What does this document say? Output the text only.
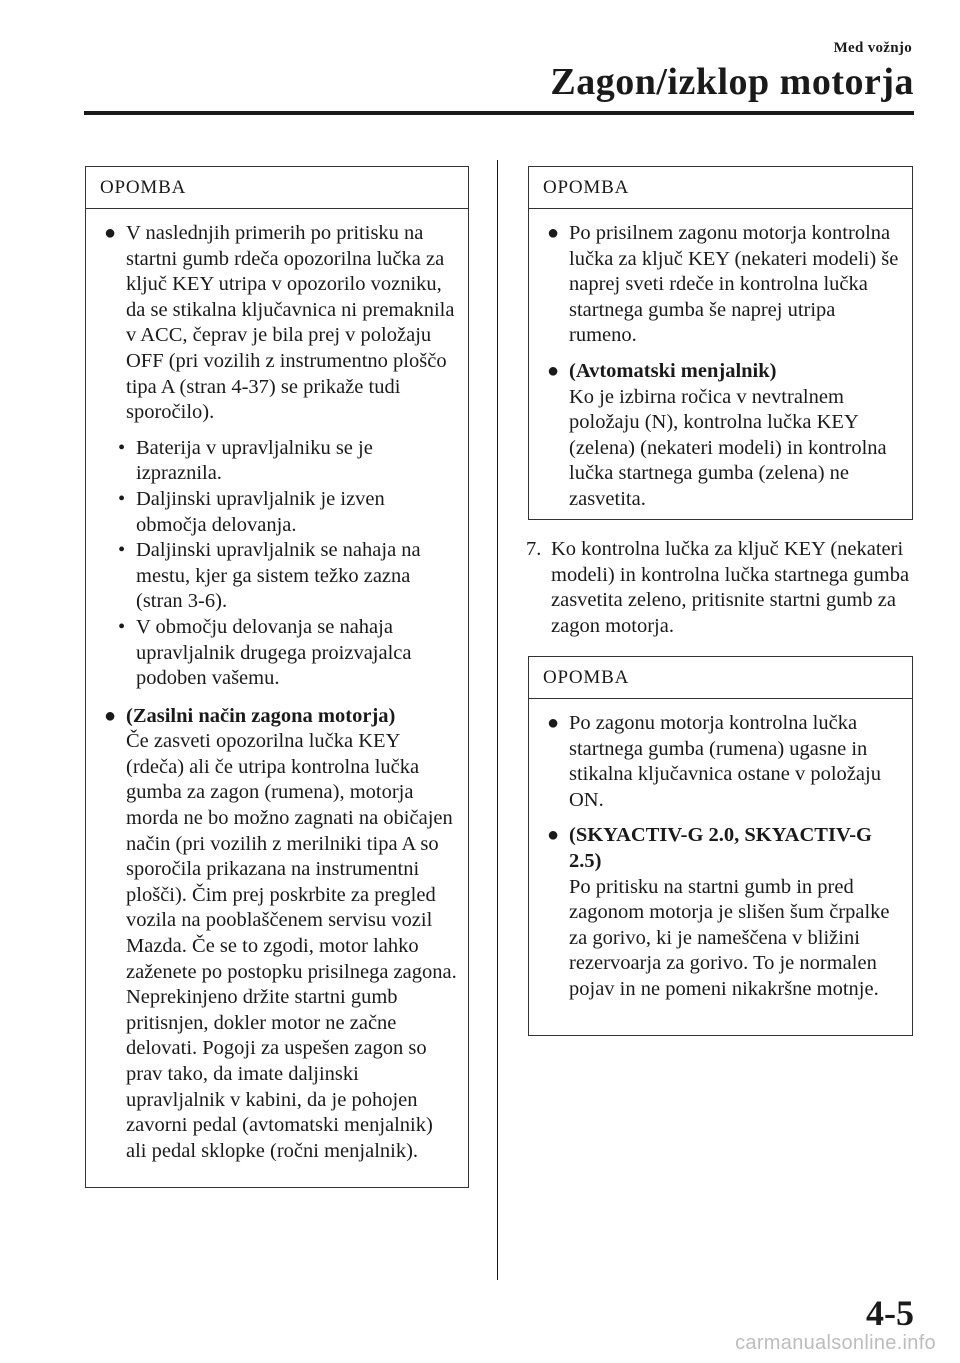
Med vožnjo
Zagon/izklop motorja
OPOMBA
● V naslednjih primerih po pritisku na startni gumb rdeča opozorilna lučka za ključ KEY utripa v opozorilo vozniku, da se stikalna ključavnica ni premaknila v ACC, čeprav je bila prej v položaju OFF (pri vozilih z instrumentno ploščo tipa A (stran 4-37) se prikaže tudi sporočilo).
• Baterija v upravljalniku se je izpraznila.
• Daljinski upravljalnik je izven območja delovanja.
• Daljinski upravljalnik se nahaja na mestu, kjer ga sistem težko zazna (stran 3-6).
• V območju delovanja se nahaja upravljalnik drugega proizvajalca podoben vašemu.
● (Zasilni način zagona motorja)
Če zasveti opozorilna lučka KEY (rdeča) ali če utripa kontrolna lučka gumba za zagon (rumena), motorja morda ne bo možno zagnati na običajen način (pri vozilih z merilniki tipa A so sporočila prikazana na instrumentni plošči). Čim prej poskrbite za pregled vozila na pooblaščenem servisu vozil Mazda. Če se to zgodi, motor lahko zaženete po postopku prisilnega zagona. Neprekinjeno držite startni gumb pritisnjen, dokler motor ne začne delovati. Pogoji za uspešen zagon so prav tako, da imate daljinski upravljalnik v kabini, da je pohojen zavorni pedal (avtomatski menjalnik) ali pedal sklopke (ročni menjalnik).
OPOMBA
● Po prisilnem zagonu motorja kontrolna lučka za ključ KEY (nekateri modeli) še naprej sveti rdeče in kontrolna lučka startnega gumba še naprej utripa rumeno.
● (Avtomatski menjalnik)
Ko je izbirna ročica v nevtralnem položaju (N), kontrolna lučka KEY (zelena) (nekateri modeli) in kontrolna lučka startnega gumba (zelena) ne zasvetita.
7. Ko kontrolna lučka za ključ KEY (nekateri modeli) in kontrolna lučka startnega gumba zasvetita zeleno, pritisnite startni gumb za zagon motorja.
OPOMBA
● Po zagonu motorja kontrolna lučka startnega gumba (rumena) ugasne in stikalna ključavnica ostane v položaju ON.
● (SKYACTIV-G 2.0, SKYACTIV-G 2.5)
Po pritisku na startni gumb in pred zagonom motorja je slišen šum črpalke za gorivo, ki je nameščena v bližini rezervoarja za gorivo. To je normalen pojav in ne pomeni nikakršne motnje.
4-5
carmanualsonline.info
